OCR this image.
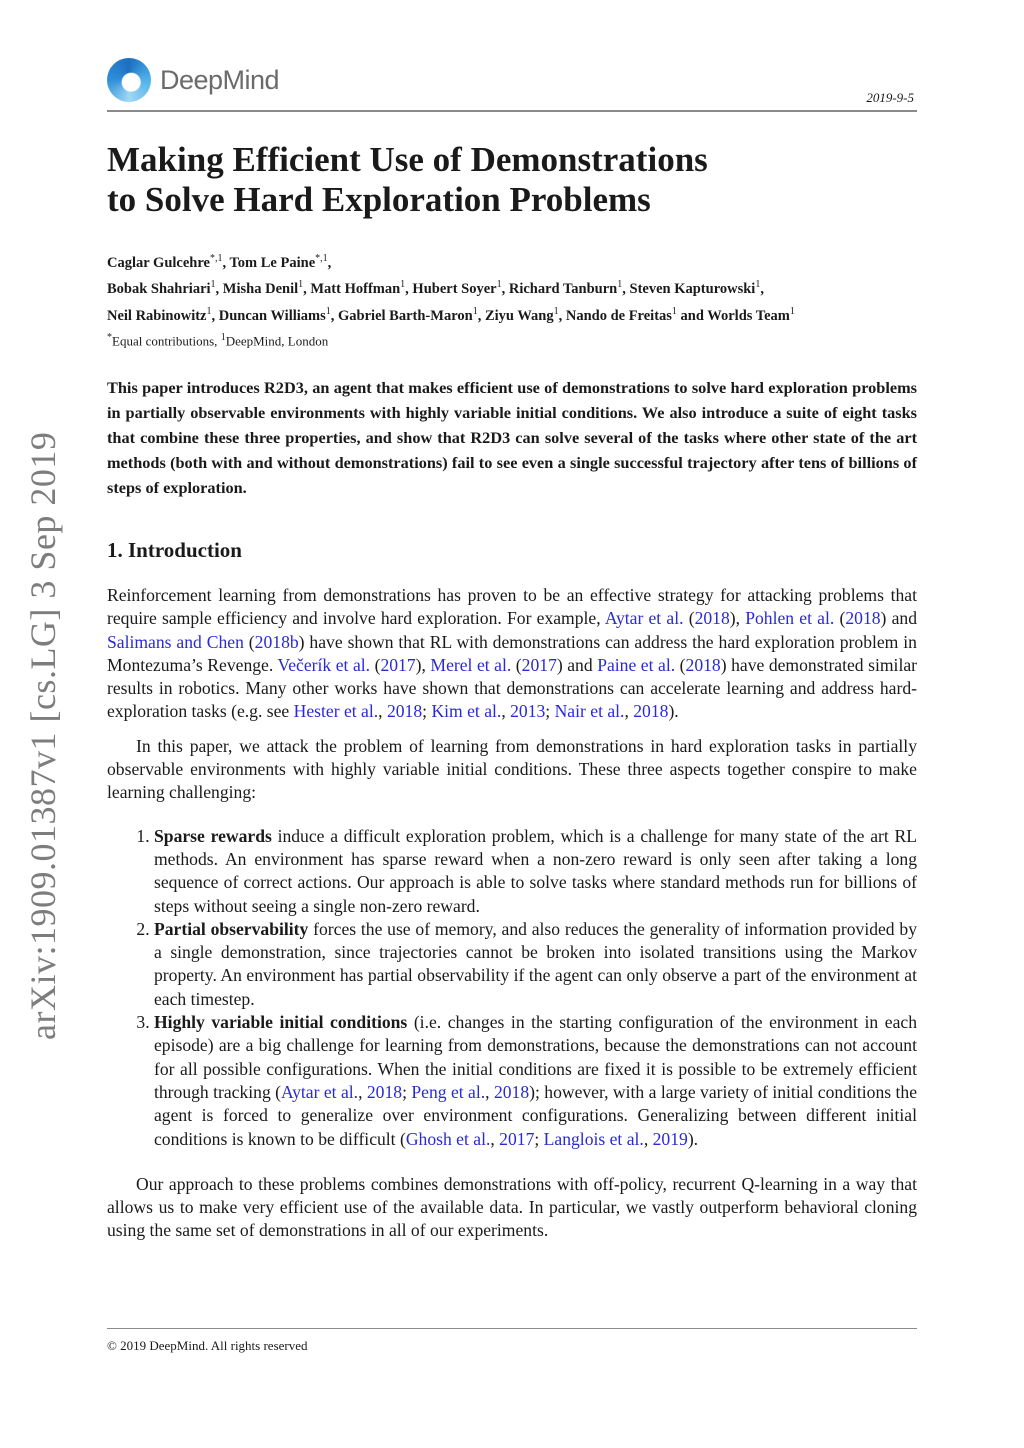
arXiv:1909.01387v1 [cs.LG] 3 Sep 2019
DeepMind
2019-9-5
Making Efficient Use of Demonstrations
to Solve Hard Exploration Problems
Caglar Gulcehre$^{*,1}$, Tom Le Paine$^{*,1}$,
Bobak Shahriari$^1$, Misha Denil$^1$, Matt Hoffman$^1$, Hubert Soyer$^1$, Richard Tanburn$^1$, Steven Kapturowski$^1$,
Neil Rabinowitz$^1$, Duncan Williams$^1$, Gabriel Barth-Maron$^1$, Ziyu Wang$^1$, Nando de Freitas$^1$ and Worlds Team$^1$
*Equal contributions, $^1$DeepMind, London
This paper introduces R2D3, an agent that makes efficient use of demonstrations to solve hard exploration problems in partially observable environments with highly variable initial conditions. We also introduce a suite of eight tasks that combine these three properties, and show that R2D3 can solve several of the tasks where other state of the art methods (both with and without demonstrations) fail to see even a single successful trajectory after tens of billions of steps of exploration.
1. Introduction

Reinforcement learning from demonstrations has proven to be an effective strategy for attacking problems that require sample efficiency and involve hard exploration. For example, Aytar et al. (2018), Pohlen et al. (2018) and Salimans and Chen (2018b) have shown that RL with demonstrations can address the hard exploration problem in Montezuma’s Revenge. Večerík et al. (2017), Merel et al. (2017) and Paine et al. (2018) have demonstrated similar results in robotics. Many other works have shown that demonstrations can accelerate learning and address hard-exploration tasks (e.g. see Hester et al., 2018; Kim et al., 2013; Nair et al., 2018).

In this paper, we attack the problem of learning from demonstrations in hard exploration tasks in partially observable environments with highly variable initial conditions. These three aspects together conspire to make learning challenging:

1. Sparse rewards induce a difficult exploration problem, which is a challenge for many state of the art RL methods. An environment has sparse reward when a non-zero reward is only seen after taking a long sequence of correct actions. Our approach is able to solve tasks where standard methods run for billions of steps without seeing a single non-zero reward.
2. Partial observability forces the use of memory, and also reduces the generality of information provided by a single demonstration, since trajectories cannot be broken into isolated transitions using the Markov property. An environment has partial observability if the agent can only observe a part of the environment at each timestep.
3. Highly variable initial conditions (i.e. changes in the starting configuration of the environment in each episode) are a big challenge for learning from demonstrations, because the demonstrations can not account for all possible configurations. When the initial conditions are fixed it is possible to be extremely efficient through tracking (Aytar et al., 2018; Peng et al., 2018); however, with a large variety of initial conditions the agent is forced to generalize over environment configurations. Generalizing between different initial conditions is known to be difficult (Ghosh et al., 2017; Langlois et al., 2019).

Our approach to these problems combines demonstrations with off-policy, recurrent Q-learning in a way that allows us to make very efficient use of the available data. In particular, we vastly outperform behavioral cloning using the same set of demonstrations in all of our experiments.

© 2019 DeepMind. All rights reserved
